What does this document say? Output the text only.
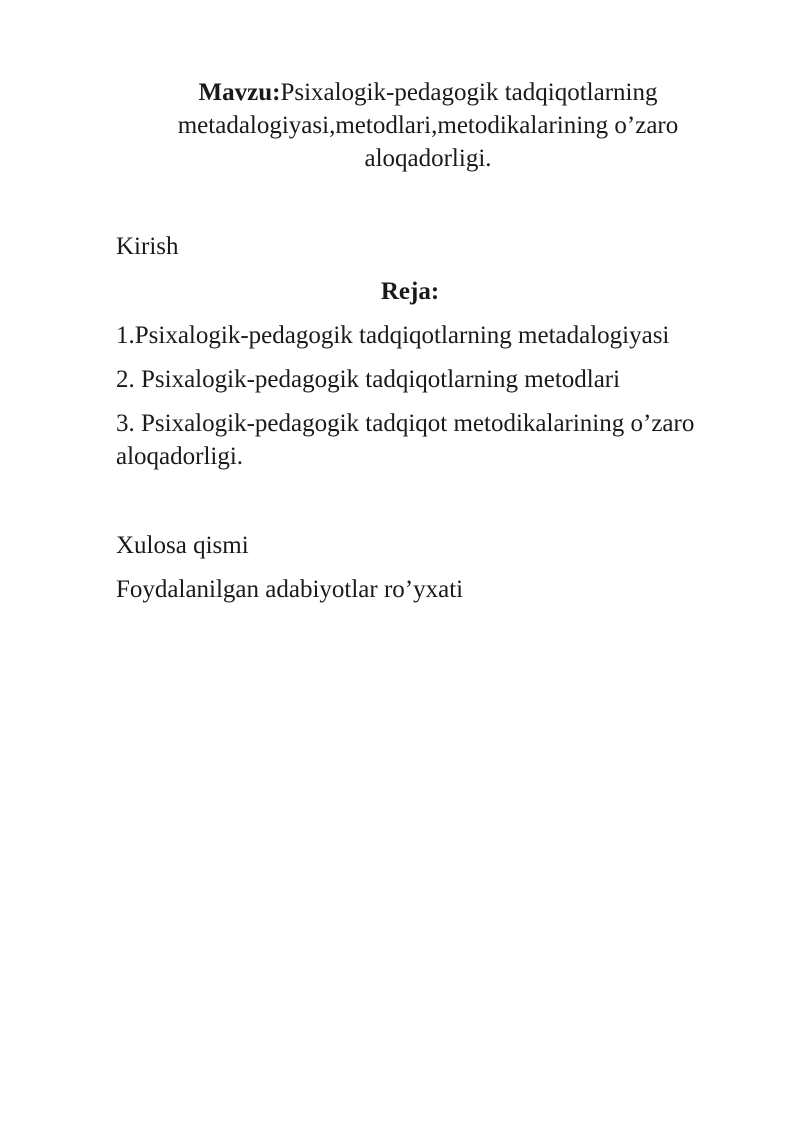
Mavzu:Psixalogik-pedagogik tadqiqotlarning metadalogiyasi,metodlari,metodikalarining o’zaro aloqadorligi.
Kirish
Reja:
1.Psixalogik-pedagogik tadqiqotlarning metadalogiyasi
2. Psixalogik-pedagogik tadqiqotlarning metodlari
3. Psixalogik-pedagogik tadqiqot metodikalarining o’zaro aloqadorligi.
Xulosa qismi
Foydalanilgan adabiyotlar ro’yxati
